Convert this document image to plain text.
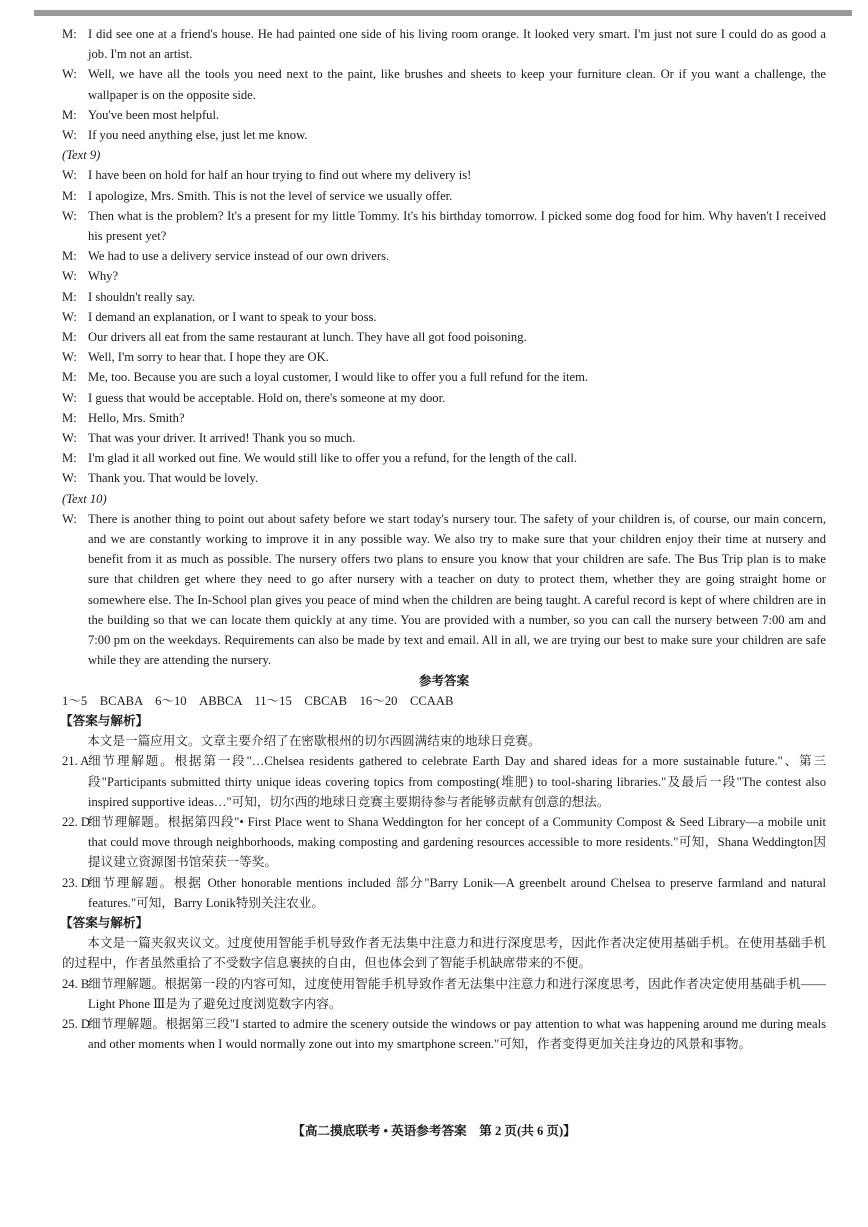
M: I did see one at a friend's house. He had painted one side of his living room orange. It looked very smart. I'm just not sure I could do as good a job. I'm not an artist.
W: Well, we have all the tools you need next to the paint, like brushes and sheets to keep your furniture clean. Or if you want a challenge, the wallpaper is on the opposite side.
M: You've been most helpful.
W: If you need anything else, just let me know.
(Text 9)
W: I have been on hold for half an hour trying to find out where my delivery is!
M: I apologize, Mrs. Smith. This is not the level of service we usually offer.
W: Then what is the problem? It's a present for my little Tommy. It's his birthday tomorrow. I picked some dog food for him. Why haven't I received his present yet?
M: We had to use a delivery service instead of our own drivers.
W: Why?
M: I shouldn't really say.
W: I demand an explanation, or I want to speak to your boss.
M: Our drivers all eat from the same restaurant at lunch. They have all got food poisoning.
W: Well, I'm sorry to hear that. I hope they are OK.
M: Me, too. Because you are such a loyal customer, I would like to offer you a full refund for the item.
W: I guess that would be acceptable. Hold on, there's someone at my door.
M: Hello, Mrs. Smith?
W: That was your driver. It arrived! Thank you so much.
M: I'm glad it all worked out fine. We would still like to offer you a refund, for the length of the call.
W: Thank you. That would be lovely.
(Text 10)
W: There is another thing to point out about safety before we start today's nursery tour. The safety of your children is, of course, our main concern, and we are constantly working to improve it in any possible way. We also try to make sure that your children enjoy their time at nursery and benefit from it as much as possible. The nursery offers two plans to ensure you know that your children are safe. The Bus Trip plan is to make sure that children get where they need to go after nursery with a teacher on duty to protect them, whether they are going straight home or somewhere else. The In-School plan gives you peace of mind when the children are being taught. A careful record is kept of where children are in the building so that we can locate them quickly at any time. You are provided with a number, so you can call the nursery between 7:00 am and 7:00 pm on the weekdays. Requirements can also be made by text and email. All in all, we are trying our best to make sure your children are safe while they are attending the nursery.
参考答案
1～5　BCABA　6～10　ABBCA　11～15　CBCAB　16～20　CCAAB
【答案与解析】
本文是一篇应用文。文章主要介绍了在密歇根州的切尔西圆满结束的地球日竞赛。
21. A
细节理解题。根据第一段"…Chelsea residents gathered to celebrate Earth Day and shared ideas for a more sustainable future."、第三段"Participants submitted thirty unique ideas covering topics from composting(堆肥) to tool-sharing libraries."及最后一段"The contest also inspired supportive ideas…"可知，切尔西的地球日竞赛主要期待参与者能够贡献有创意的想法。
22. D
细节理解题。根据第四段"• First Place went to Shana Weddington for her concept of a Community Compost & Seed Library—a mobile unit that could move through neighborhoods, making composting and gardening resources accessible to more residents."可知，Shana Weddington因提议建立资源图书馆荣获一等奖。
23. D
细节理解题。根据 Other honorable mentions included 部分"Barry Lonik—A greenbelt around Chelsea to preserve farmland and natural features."可知，Barry Lonik特别关注农业。
【答案与解析】
本文是一篇夹叙夹议文。过度使用智能手机导致作者无法集中注意力和进行深度思考，因此作者决定使用基础手机。在使用基础手机的过程中，作者虽然重拾了不受数字信息裹挟的自由，但也体会到了智能手机缺席带来的不便。
24. B
细节理解题。根据第一段的内容可知，过度使用智能手机导致作者无法集中注意力和进行深度思考，因此作者决定使用基础手机——Light Phone Ⅲ是为了避免过度浏览数字内容。
25. D
细节理解题。根据第三段"I started to admire the scenery outside the windows or pay attention to what was happening around me during meals and other moments when I would normally zone out into my smartphone screen."可知，作者变得更加关注身边的风景和事物。
【高二摸底联考 • 英语参考答案　第 2 页(共 6 页)】
